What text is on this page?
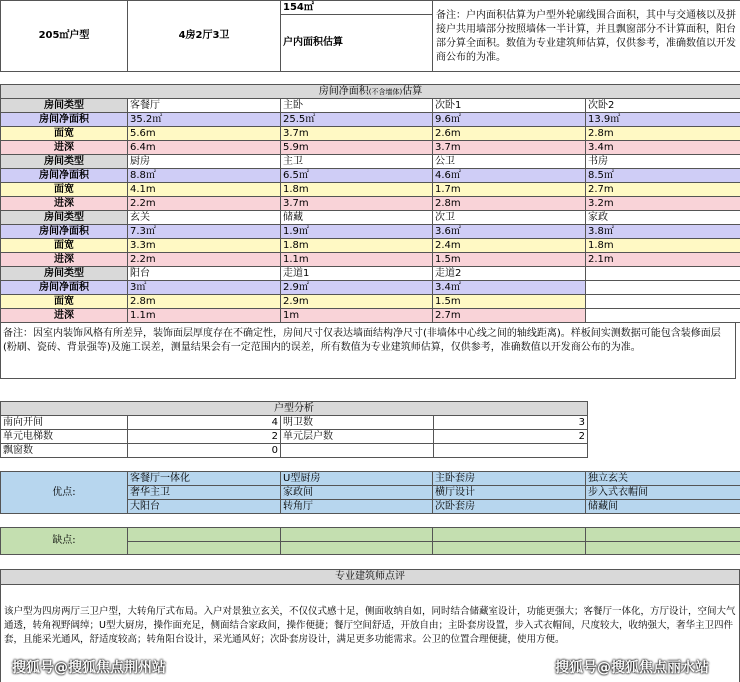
205㎡户型	4房2厅3卫	154㎡	备注：户内面积估算为户型外轮廓线围合面积，其中与交通核以及拼接户共用墙部分按照墙体一半计算，并且飘窗部分不计算面积，阳台部分算全面积。数值为专业建筑师估算，仅供参考，准确数值以开发商公布的为准。
户内面积估算
房间净面积(不含墙体)估算				
房间类型	客餐厅	主卧	次卧1	次卧2
房间净面积	35.2㎡	25.5㎡	9.6㎡	13.9㎡
面宽	5.6m	3.7m	2.6m	2.8m
进深	6.4m	5.9m	3.7m	3.4m
房间类型	厨房	主卫	公卫	书房
房间净面积	8.8㎡	6.5㎡	4.6㎡	8.5㎡
面宽	4.1m	1.8m	1.7m	2.7m
进深	2.2m	3.7m	2.8m	3.2m
房间类型	玄关	储藏	次卫	家政
房间净面积	7.3㎡	1.9㎡	3.6㎡	3.8㎡
面宽	3.3m	1.8m	2.4m	1.8m
进深	2.2m	1.1m	1.5m	2.1m
房间类型	阳台	走道1	走道2	
房间净面积	3㎡	2.9㎡	3.4㎡	
面宽	2.8m	2.9m	1.5m	
进深	1.1m	1m	2.7m	
备注：因室内装饰风格有所差异，装饰面层厚度存在不确定性，房间尺寸仅表达墙面结构净尺寸(非墙体中心线之间的轴线距离)。样板间实测数据可能包含装修面层(粉刷、瓷砖、背景强等)及施工误差，测量结果会有一定范围内的误差，所有数值为专业建筑师估算，仅供参考，准确数值以开发商公布的为准。
户型分析			
南向开间	4	明卫数	3
单元电梯数	2	单元层户数	2
飘窗数	0		
优点:	客餐厅一体化	U型厨房	主卧套房	独立玄关
	奢华主卫	家政间	横厅设计	步入式衣帽间
	大阳台	转角厅	次卧套房	储藏间
缺点:				

专业建筑师点评
该户型为四房两厅三卫户型，大转角厅式布局。入户对景独立玄关，不仅仪式感十足，侧面收纳自如，同时结合储藏室设计，功能更强大；客餐厅一体化，方厅设计，空间大气通透，转角视野阔绰；U型大厨房，操作面充足，侧面结合家政间，操作便捷；餐厅空间舒适，开放自由；主卧套房设置，步入式衣帽间，尺度较大，收纳强大，奢华主卫四件套，且能采光通风，舒适度较高；转角阳台设计，采光通风好；次卧套房设计，满足更多功能需求。公卫的位置合理便捷，使用方便。
搜狐号@搜狐焦点荆州站	搜狐号@搜狐焦点丽水站
